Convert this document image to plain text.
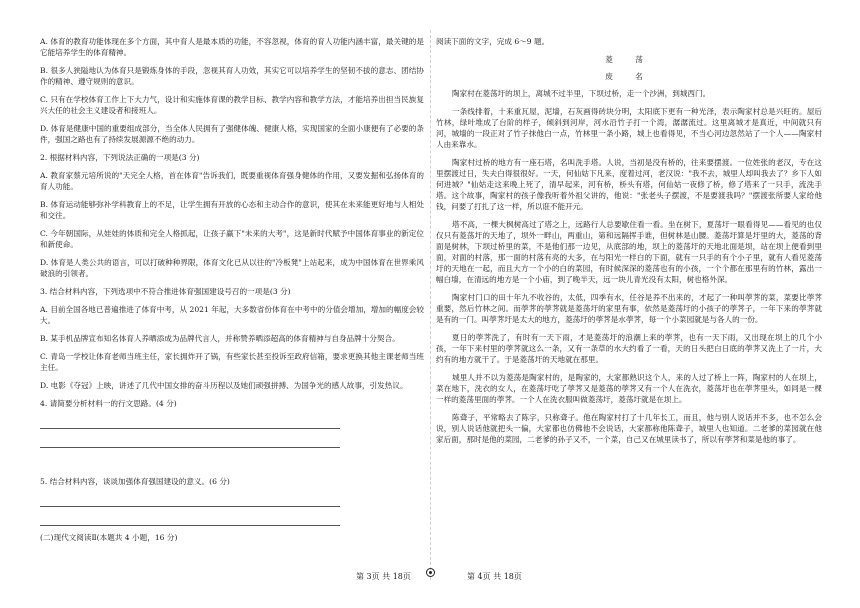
A. 体育的教育功能体现在多个方面，其中育人是最本质的功能，不容忽视，体育的育人功能内涵丰富，最关键的是它能培养学生的体育精神。

B. 很多人狭隘地认为体育只是锻炼身体的手段，忽视其育人功效，其实它可以培养学生的坚韧不拔的意志、团结协作的精神、遵守规则的意识。

C. 只有在学校体育工作上下大力气，设计和实施体育课的教学目标、教学内容和教学方法，才能培养出担当民族复兴大任的社会主义建设者和接班人。

D. 体育是健康中国的重要组成部分，当全体人民拥有了强健体魄、健康人格，实现国家的全面小康便有了必要的条件，强国之路也有了持续发展源源不绝的动力。

2. 根据材料内容，下列说法正确的一项是(3 分)

A. 教育家蔡元培所说的"天完全人格，首在体育"告诉我们，既要重视体育强身健体的作用，又要发掘和弘扬体育的育人功能。

B. 体育运动能够弥补学科教育上的不足，让学生拥有开放的心态和主动合作的意识，使其在未来能更好地与人相处和交往。

C. 今年朝国际，从娃娃的体质和完全人格抓起，让孩子赢下"未来的大考"，这是新时代赋予中国体育事业的新定位和新使命。

D. 体育是人类公共的语言，可以打破种种界限，体育文化已从以往的"冷板凳"上站起来，成为中国体育在世界乘风破浪的引领者。

3. 结合材料内容，下列选项中不符合推进体育强国建设号召的一项是(3 分)

A. 目前全国各地已普遍推进了体育中考，从 2021 年起，大多数省份体育在中考中的分值会增加，增加的幅度会较大。

B. 某手机品牌宣布知名体育人养晒添成为品牌代言人，并称赞养晒添超高的体育精神与自身品牌十分契合。

C. 青岛一学校让体育老师当班主任，家长拥炸开了锅，有些家长甚至投诉至政府信箱，要求更换其他主课老师当班主任。

D. 电影《夺冠》上映，讲述了几代中国女排的奋斗历程以及她们顽强拼搏、为国争光的感人故事，引发热议。

4. 请简要分析材料一的行文思路。(4 分)

5. 结合材料内容，谈谈加强体育强国建设的意义。(6 分)

(二)现代文阅读Ⅱ(本题共 4 小题，16 分)

阅读下面的文字，完成 6～9 题。

菱 荡
废 名

陶家村在菱荡圩的坝上，离城不过半里，下坝过桥，走一个沙洲，到城西门。

一条线排着，十来重瓦屋，泥墙，石灰画得砖块分明，太阳底下更有一种光泽，表示陶家村总是兴旺的。屋后竹林，绿叶堆成了台阶的样子，倾斜到河岸，河水沿竹子打一个湾，潺潺流过。这里离城才是真近，中间就只有河，城墙的一段正对了竹子抹他白一点，竹林里一条小路，城上也看得见，不当心河边忽然站了一个人——陶家村人由来靠水。

陶家村过桥的地方有一座石塔，名叫洗手塔。人说，当初是没有桥的，往来要摆渡。一位姓张的老汉，专在这里摆渡过日，失夫白得很很好。一天，何仙姑下凡来，度着过河，老汉说："我不去，城里人却叫我去了？乡下人如何进城？"仙姑走这来晚上死了，清早起来，河有桥，桥头有塔，何仙姑一夜修了桥，修了塔来了一只手，流洗手塔。这个故事，陶家村的孩子像我听着外祖父讲的，他说："张老头子摆渡，不是要渡我吗？"摆渡张所要人家给他钱，问要了打扎了这一样，所以诳不能开元。

塔不高，一棵大枫树高过了塔之上，远路行人总要歇住看一看。坐在树下，夏荡圩一眼看得见——看见的也仅仅只有菱荡圩的天地了，坝外一畔山，两重山，第和远隔挥手谁，但树林是山腰。菱荡圩算是圩里的大，菱荡的背面是树林，下坝过桥里的菜，不是他们那一边见，从底部的地，坝上的菱荡圩的天地北面是坝，站在坝上便看到里面，对面的村落，那一面的村落有亮的大多，在与阳光一样白的下面，就有一只手的有个小子里，就有人看见菱荡圩的天地在一起，而且大方一个小的白的菜园，有时候深深的菱荡也有的小孩，一个个都在那里有的竹林，露出一幅白墙，在清远的地方是一个小庙，到了晚半天，远一块儿青光没有太阳，树也格外深。

陶家村门口的田十年九不收谷的，太低，四季有水，任谷是养不出来的，才起了一种叫荸荠的菜，菜要比荸荠重要，然后竹林之间。而荸荠的荸荠就是菱荡圩的家里有事，依然是菱荡圩的小孩子的荸荠子，一年下来的荸荠就是有的一门。叫荸荠圩是太大的地方，菱荡圩的荸荠是水荸荠，每一个小菜园就是与各人的一份。

夏日的荸荠洗了，有时有一天下雨，才是菱荡圩的浪潮上来的荸荠，也有一天下雨，又出现在坝上的几个小孩，一年下来村里的荸荠就这么一条，又有一条草的水大约看了一看，天的日头把白日底的荸荠又洗上了一片，大约有的地方就干了。于是菱荡圩的天地就在那里。

城里人并不以为菱荡是陶家村的，是陶家的，大家都熟识这个人，来的人过了桥上一阵，陶家村的人在坝上，菜在地下，洗衣的女人，在菱荡圩吃了荸荠又是菱荡的荸荠又有一个人在洗衣，菱荡圩也在荸荠里头，如同是一棵一样的菱荡里面的荸荠。一个人在洗衣服叫做菱荡圩，菱荡圩就是在坝上。

陈聋子，平常略去了陈字，只称聋子。他在陶家村打了十几年长工，而且，他与别人说话并不多，也不怎么会说，别人说话他就把头一偏，大家都也仿佛他不会说话，大家都称他陈聋子，城里人也知道。二老爹的菜园就在他家后面，那时是他的菜园，二老爹的孙子又不，一个菜，自己又在城里读书了，所以有荸荠和菜是他的事了。

第 3页 共 18页	第 4页 共 18页
